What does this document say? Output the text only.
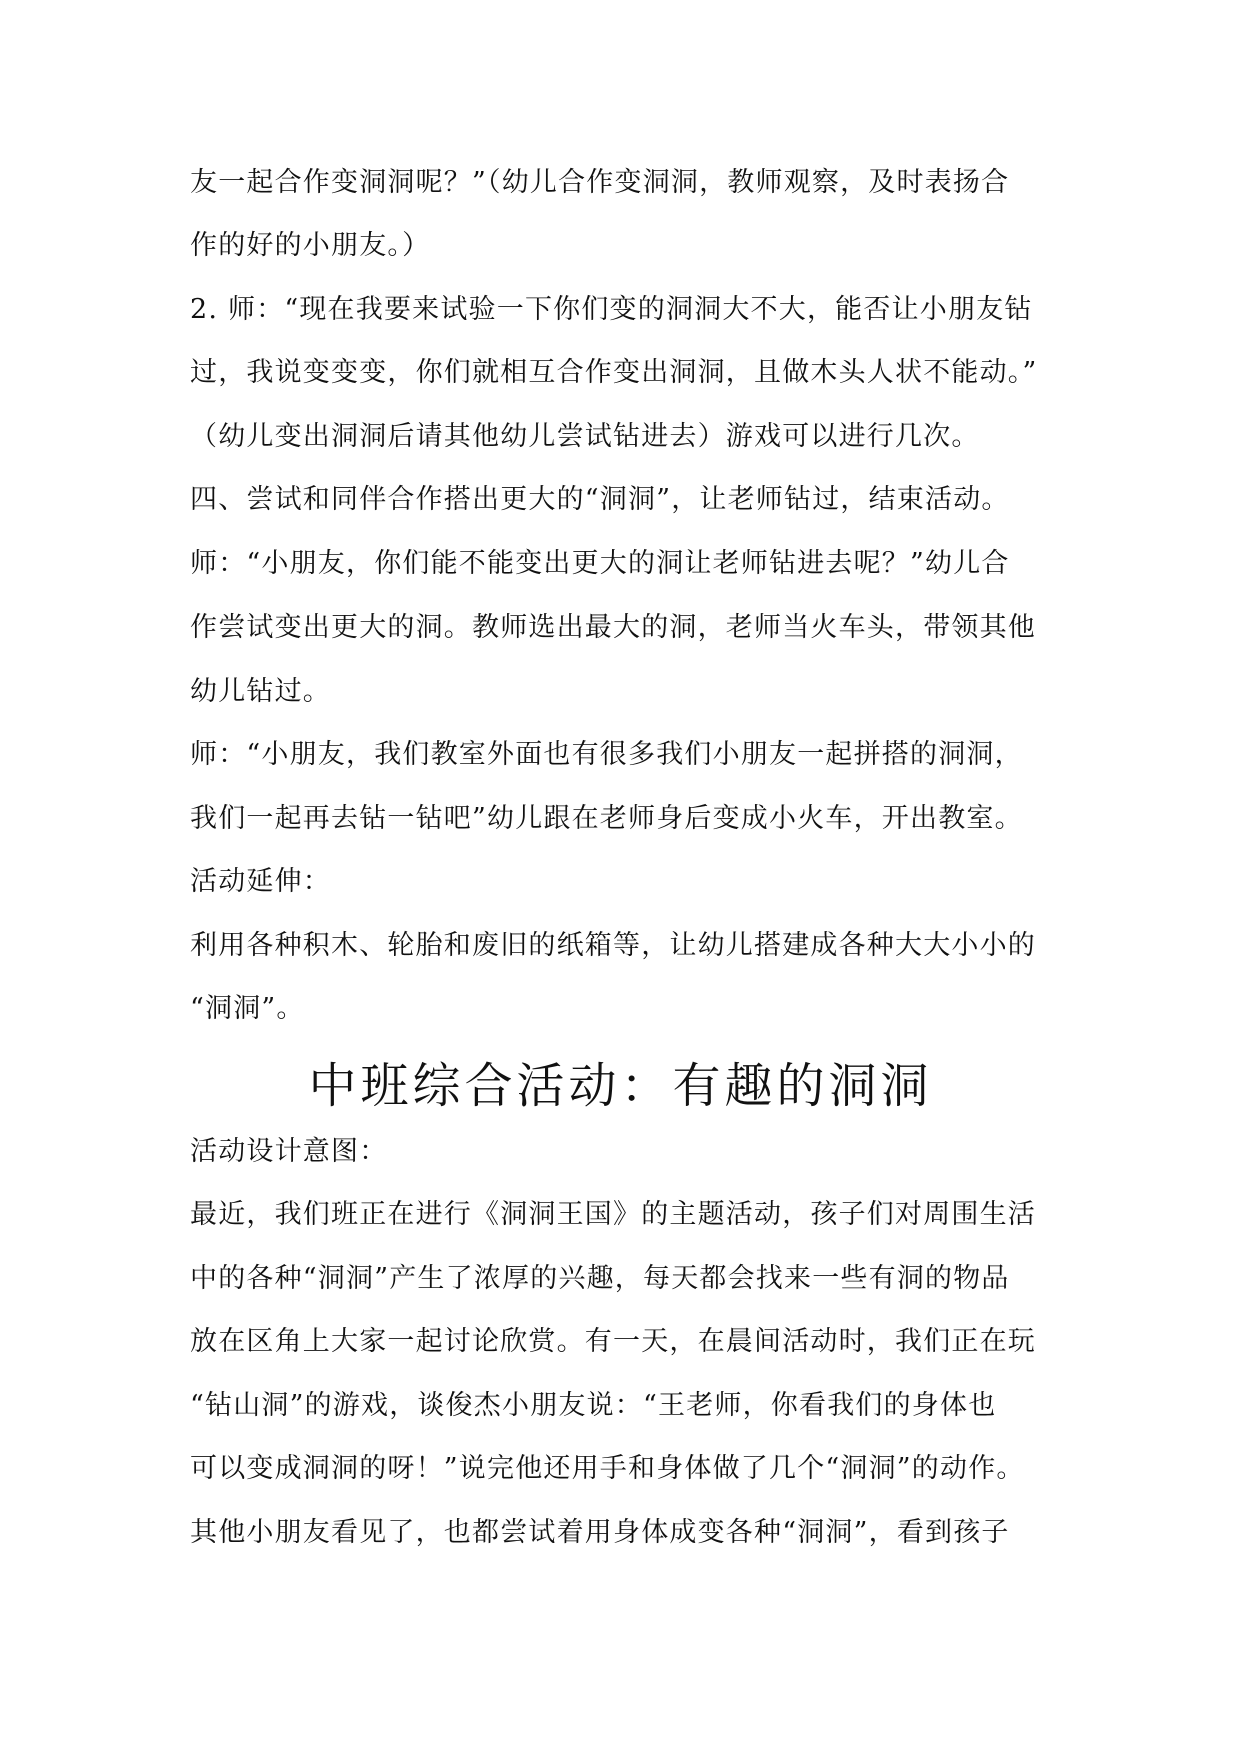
友一起合作变洞洞呢？”（幼儿合作变洞洞，教师观察，及时表扬合
作的好的小朋友。）
2. 师：“现在我要来试验一下你们变的洞洞大不大，能否让小朋友钻
过，我说变变变，你们就相互合作变出洞洞，且做木头人状不能动。”
（幼儿变出洞洞后请其他幼儿尝试钻进去）游戏可以进行几次。
四、尝试和同伴合作搭出更大的“洞洞”，让老师钻过，结束活动。
师：“小朋友，你们能不能变出更大的洞让老师钻进去呢？”幼儿合
作尝试变出更大的洞。教师选出最大的洞，老师当火车头，带领其他
幼儿钻过。
师：“小朋友，我们教室外面也有很多我们小朋友一起拼搭的洞洞，
我们一起再去钻一钻吧”幼儿跟在老师身后变成小火车，开出教室。
活动延伸：
利用各种积木、轮胎和废旧的纸箱等，让幼儿搭建成各种大大小小的
“洞洞”。
中班综合活动：有趣的洞洞
活动设计意图：
最近，我们班正在进行《洞洞王国》的主题活动，孩子们对周围生活
中的各种“洞洞”产生了浓厚的兴趣，每天都会找来一些有洞的物品
放在区角上大家一起讨论欣赏。有一天，在晨间活动时，我们正在玩
“钻山洞”的游戏，谈俊杰小朋友说：“王老师，你看我们的身体也
可以变成洞洞的呀！”说完他还用手和身体做了几个“洞洞”的动作。
其他小朋友看见了，也都尝试着用身体成变各种“洞洞”，看到孩子
